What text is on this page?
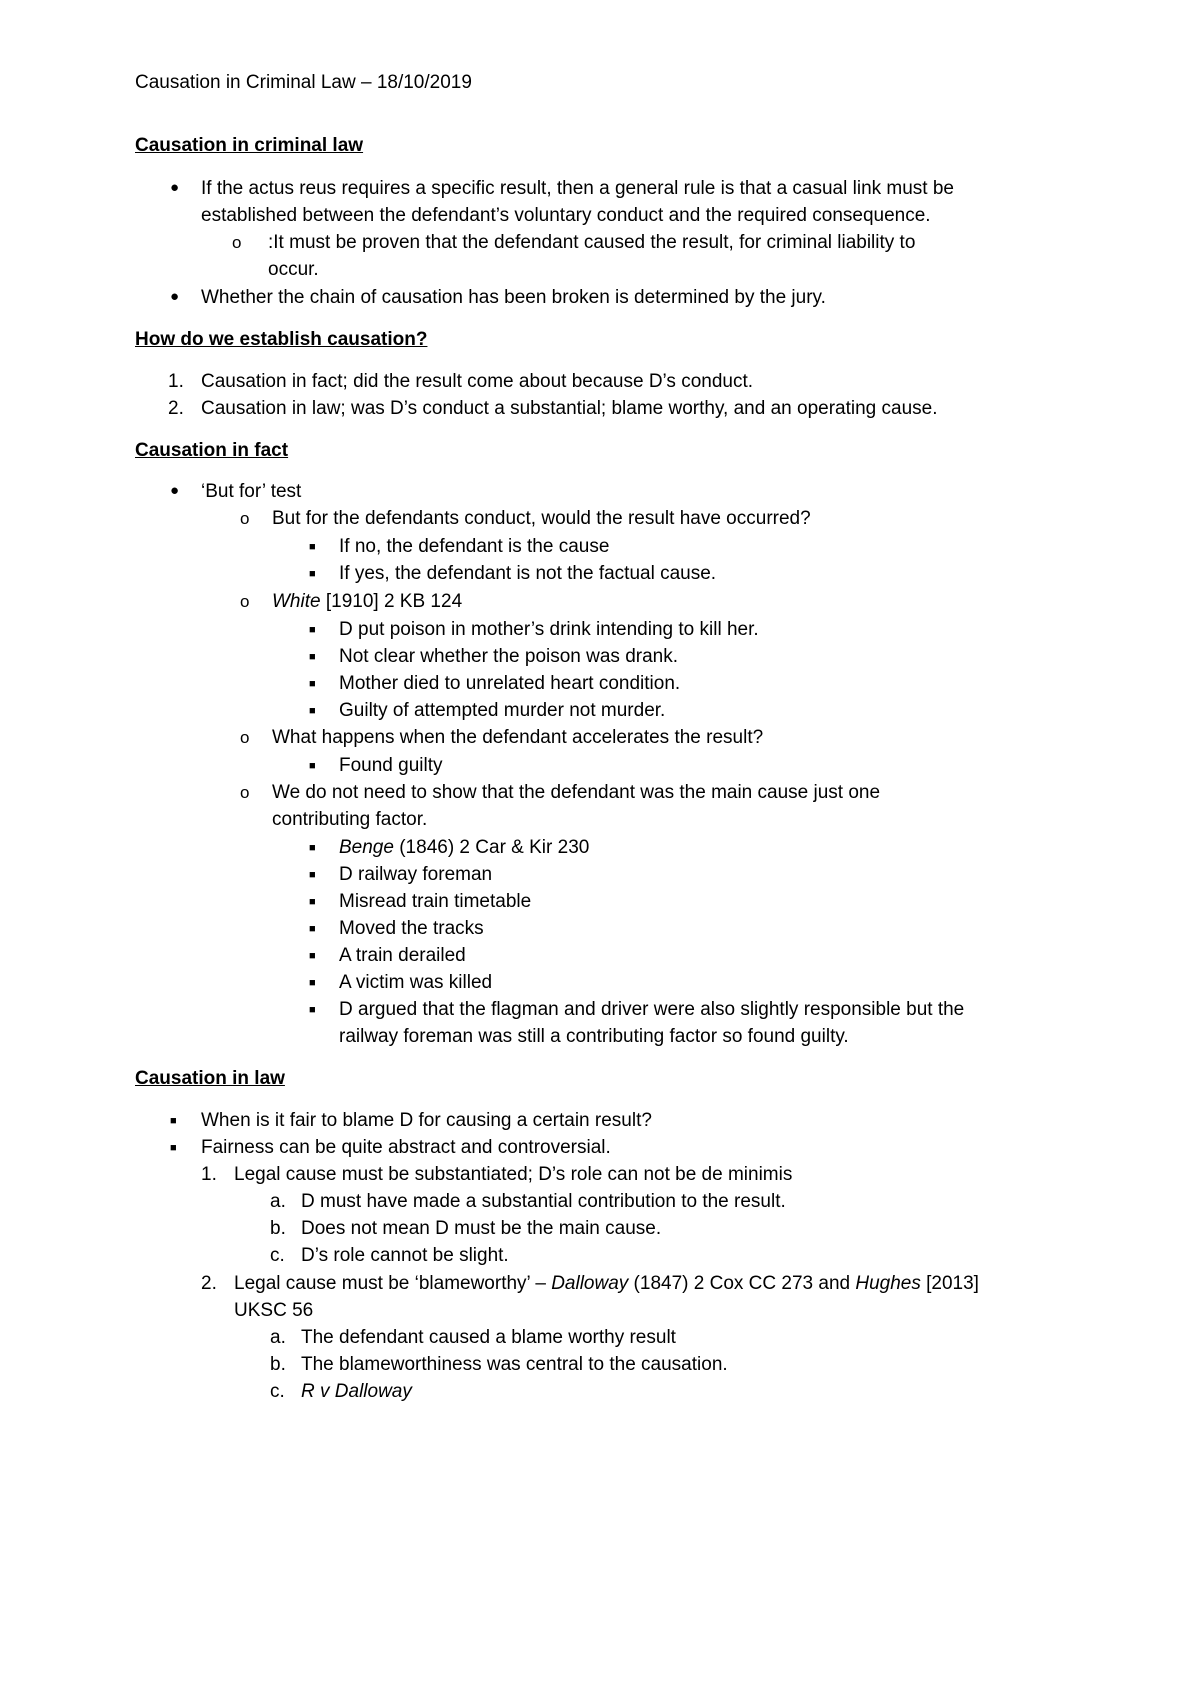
Causation in Criminal Law – 18/10/2019
Causation in criminal law
● If the actus reus requires a specific result, then a general rule is that a casual link must be
established between the defendant’s voluntary conduct and the required consequence.
o :It must be proven that the defendant caused the result, for criminal liability to
occur.
● Whether the chain of causation has been broken is determined by the jury.
How do we establish causation?
1. Causation in fact; did the result come about because D’s conduct.
2. Causation in law; was D’s conduct a substantial; blame worthy, and an operating cause.
Causation in fact
● ‘But for’ test
o But for the defendants conduct, would the result have occurred?
■ If no, the defendant is the cause
■ If yes, the defendant is not the factual cause.
o White [1910] 2 KB 124
■ D put poison in mother’s drink intending to kill her.
■ Not clear whether the poison was drank.
■ Mother died to unrelated heart condition.
■ Guilty of attempted murder not murder.
o What happens when the defendant accelerates the result?
■ Found guilty
o We do not need to show that the defendant was the main cause just one
contributing factor.
■ Benge (1846) 2 Car & Kir 230
■ D railway foreman
■ Misread train timetable
■ Moved the tracks
■ A train derailed
■ A victim was killed
■ D argued that the flagman and driver were also slightly responsible but the
railway foreman was still a contributing factor so found guilty.
Causation in law
■ When is it fair to blame D for causing a certain result?
■ Fairness can be quite abstract and controversial.
1. Legal cause must be substantiated; D’s role can not be de minimis
a. D must have made a substantial contribution to the result.
b. Does not mean D must be the main cause.
c. D’s role cannot be slight.
2. Legal cause must be ‘blameworthy’ – Dalloway (1847) 2 Cox CC 273 and Hughes [2013]
UKSC 56
a. The defendant caused a blame worthy result
b. The blameworthiness was central to the causation.
c. R v Dalloway
